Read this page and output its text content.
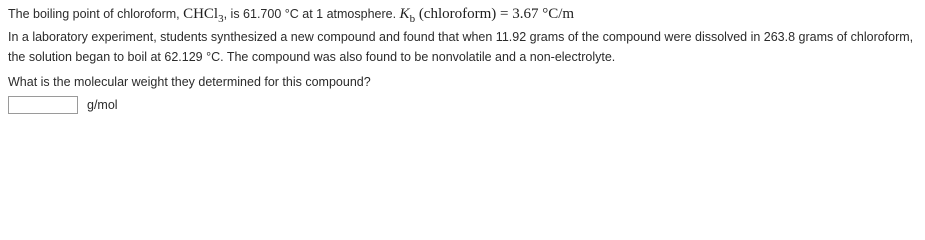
The boiling point of chloroform, CHCl$_3$, is 61.700 °C at 1 atmosphere. $K_b$ (chloroform) = 3.67 °C/m
In a laboratory experiment, students synthesized a new compound and found that when 11.92 grams of the compound were dissolved in 263.8 grams of chloroform,
the solution began to boil at 62.129 °C. The compound was also found to be nonvolatile and a non-electrolyte.
What is the molecular weight they determined for this compound?
g/mol
